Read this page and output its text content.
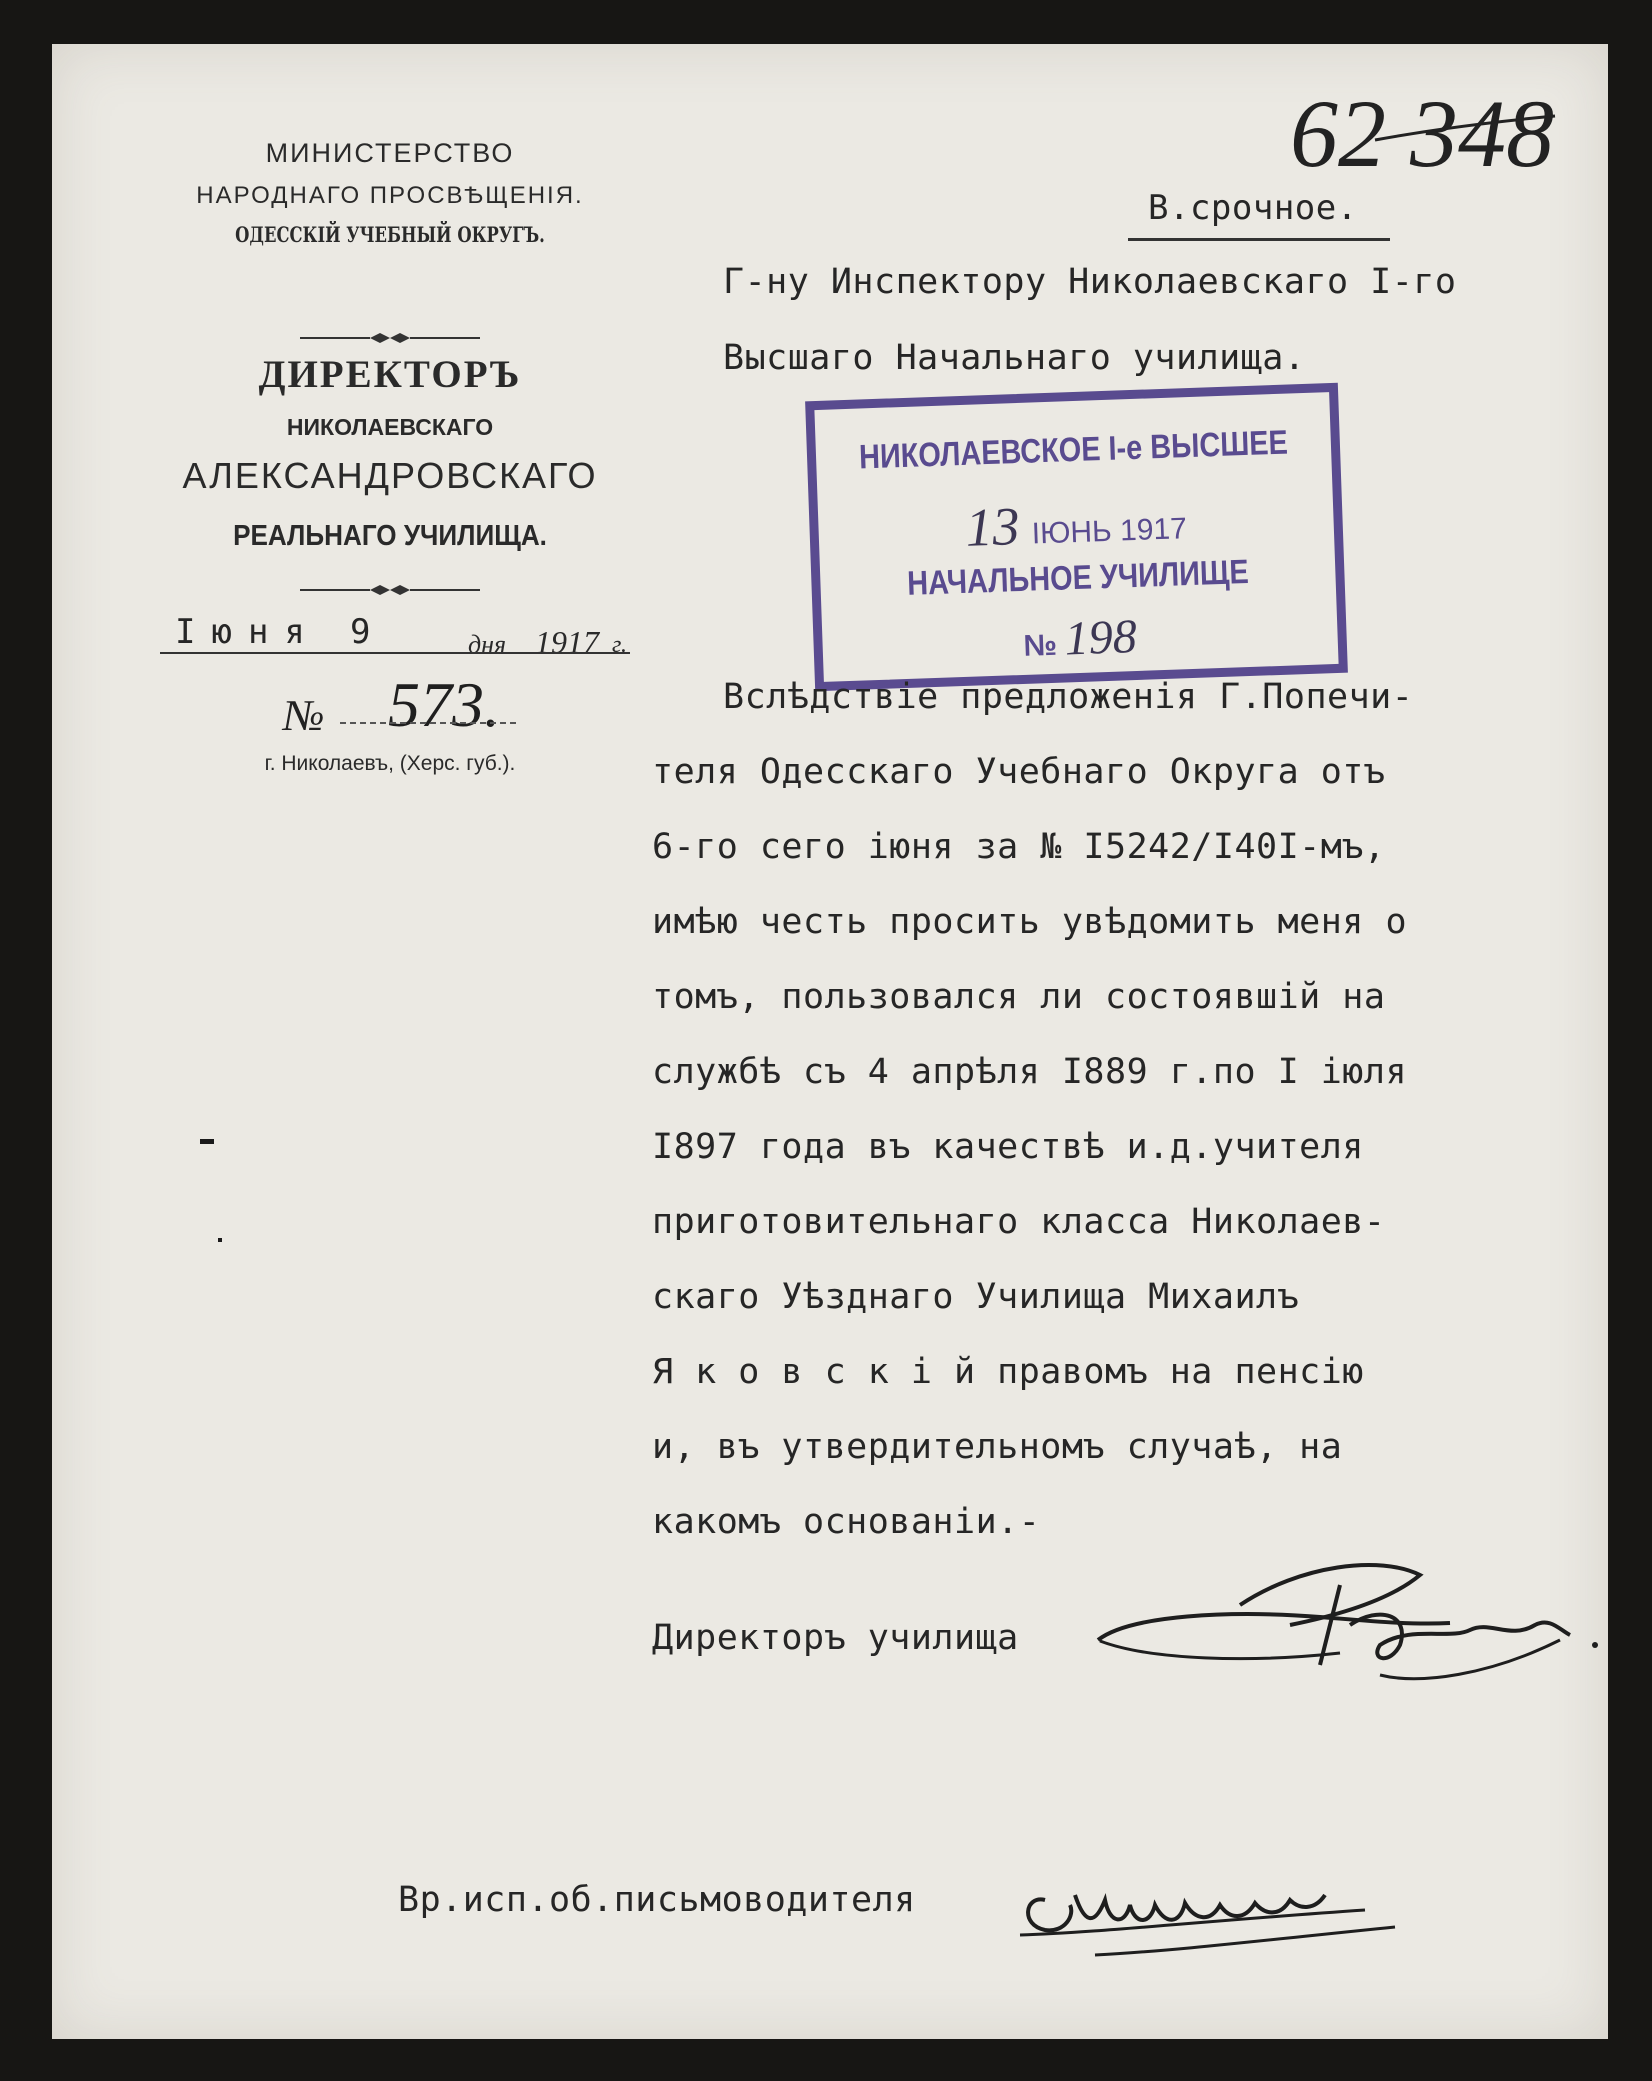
МИНИСТЕРСТВО
НАРОДНАГО ПРОСВѢЩЕНІЯ.
ОДЕССКІЙ УЧЕБНЫЙ ОКРУГЪ.
ДИРЕКТОРЪ
НИКОЛАЕВСКАГО
АЛЕКСАНДРОВСКАГО
РЕАЛЬНАГО УЧИЛИЩА.
Іюня 9	дня 1917 г.
№ 573.
г. Николаевъ, (Херс. губ.).
62 348
В.срочное.
Г-ну Инспектору Николаевскаго І-го
Высшаго Начальнаго училища.
НИКОЛАЕВСКОЕ І-е ВЫСШЕЕ
13 ІЮНЬ 1917
НАЧАЛЬНОЕ УЧИЛИЩЕ
№ 198
Вслѣдствіе предложенія Г.Попечи-
теля Одесскаго Учебнаго Округа отъ
6-го сего іюня за № І5242/І40І-мъ,
имѣю честь просить увѣдомить меня о
томъ, пользовался ли состоявшій на
службѣ съ 4 апрѣля І889 г.по І іюля
І897 года въ качествѣ и.д.учителя
приготовительнаго класса Николаев-
скаго Уѣзднаго Училища Михаилъ
Я к о в с к і й правомъ на пенсію
и, въ утвердительномъ случаѣ, на
какомъ основаніи.-
Директоръ училища
Вр.исп.об.письмоводителя
